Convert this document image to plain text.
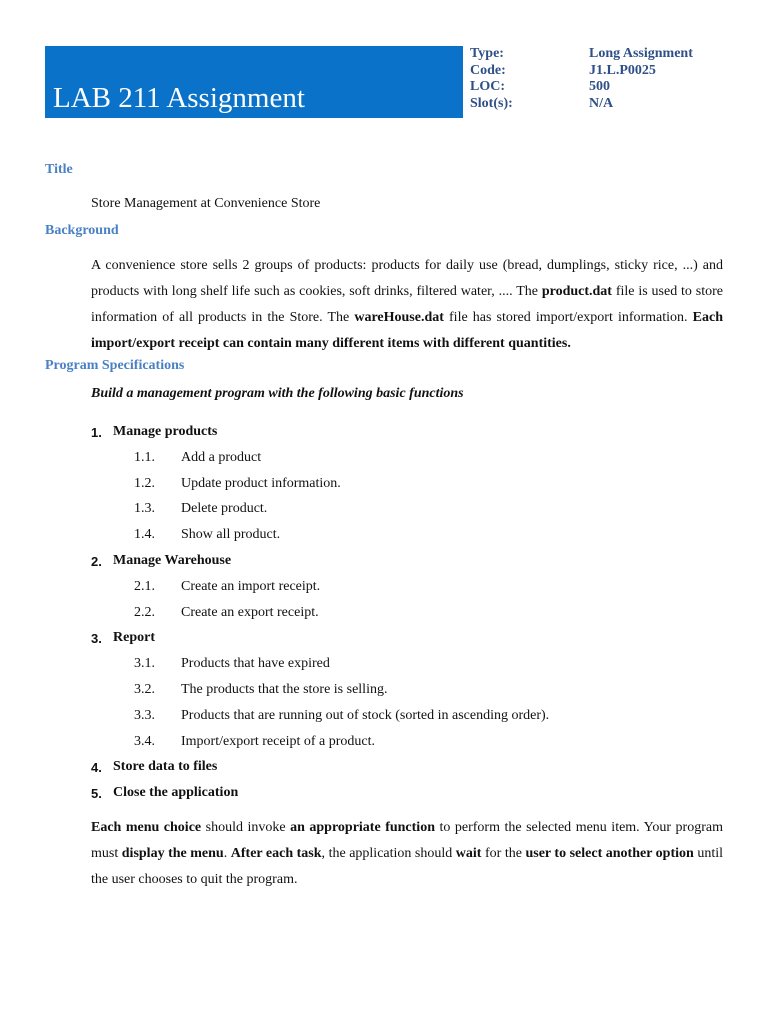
LAB 211 Assignment
Type:
Code:
LOC:
Slot(s):
Long Assignment
J1.L.P0025
500
N/A
Title
Store Management at Convenience Store
Background
A convenience store sells 2 groups of products: products for daily use (bread, dumplings, sticky rice, ...) and products with long shelf life such as cookies, soft drinks, filtered water, .... The product.dat file is used to store information of all products in the Store. The wareHouse.dat file has stored import/export information. Each import/export receipt can contain many different items with different quantities.
Program Specifications
Build a management program with the following basic functions
1. Manage products
1.1. Add a product
1.2. Update product information.
1.3. Delete product.
1.4. Show all product.
2. Manage Warehouse
2.1. Create an import receipt.
2.2. Create an export receipt.
3. Report
3.1. Products that have expired
3.2. The products that the store is selling.
3.3. Products that are running out of stock (sorted in ascending order).
3.4. Import/export receipt of a product.
4. Store data to files
5. Close the application
Each menu choice should invoke an appropriate function to perform the selected menu item. Your program must display the menu. After each task, the application should wait for the user to select another option until the user chooses to quit the program.
